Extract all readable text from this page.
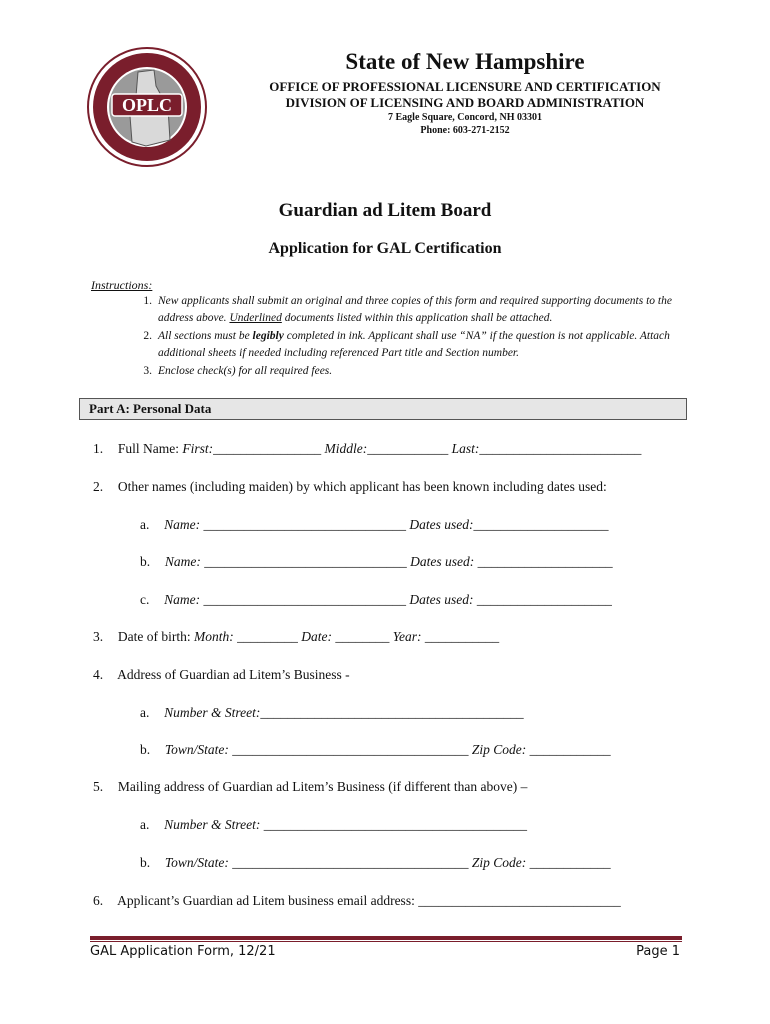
OPLC
State of New Hampshire
OFFICE OF PROFESSIONAL LICENSURE AND CERTIFICATION
DIVISION OF LICENSING AND BOARD ADMINISTRATION
7 Eagle Square, Concord, NH 03301
Phone: 603-271-2152
Guardian ad Litem Board
Application for GAL Certification
Instructions:
1. New applicants shall submit an original and three copies of this form and required supporting documents to the address above. Underlined documents listed within this application shall be attached.
2. All sections must be legibly completed in ink. Applicant shall use “NA” if the question is not applicable. Attach additional sheets if needed including referenced Part title and Section number.
3. Enclose check(s) for all required fees.
Part A: Personal Data
1. Full Name: First:________________ Middle:____________ Last:________________________
2. Other names (including maiden) by which applicant has been known including dates used:
a. Name: ______________________________ Dates used:____________________
b. Name: ______________________________ Dates used: ____________________
c. Name: ______________________________ Dates used: ____________________
3. Date of birth: Month: _________ Date: ________ Year: ___________
4. Address of Guardian ad Litem’s Business -
a. Number & Street:_______________________________________
b. Town/State: ___________________________________ Zip Code: ____________
5. Mailing address of Guardian ad Litem’s Business (if different than above) –
a. Number & Street: _______________________________________
b. Town/State: ___________________________________ Zip Code: ____________
6. Applicant’s Guardian ad Litem business email address: ______________________________
GAL Application Form, 12/21	Page 1
